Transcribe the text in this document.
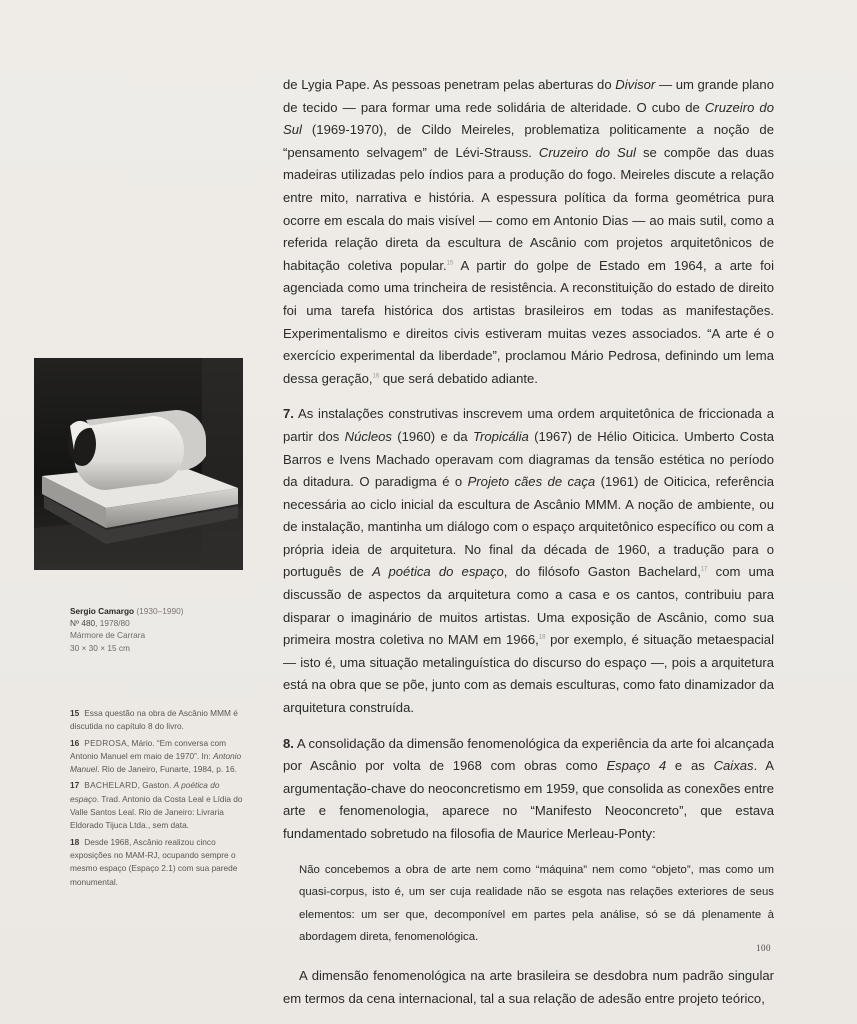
de Lygia Pape. As pessoas penetram pelas aberturas do Divisor — um grande plano de tecido — para formar uma rede solidária de alteridade. O cubo de Cruzeiro do Sul (1969-1970), de Cildo Meireles, problematiza politicamente a noção de “pensamento selvagem” de Lévi-Strauss. Cruzeiro do Sul se compõe das duas madeiras utilizadas pelo índios para a produção do fogo. Meireles discute a relação entre mito, narrativa e história. A espessura política da forma geométrica pura ocorre em escala do mais visível — como em Antonio Dias — ao mais sutil, como a referida relação direta da escultura de Ascânio com projetos arquitetônicos de habitação coletiva popular.$^{15}$ A partir do golpe de Estado em 1964, a arte foi agenciada como uma trincheira de resistência. A reconstituição do estado de direito foi uma tarefa histórica dos artistas brasileiros em todas as manifestações. Experimentalismo e direitos civis estiveram muitas vezes associados. “A arte é o exercício experimental da liberdade”, proclamou Mário Pedrosa, definindo um lema dessa geração,$^{16}$ que será debatido adiante.

7. As instalações construtivas inscrevem uma ordem arquitetônica de friccionada a partir dos Núcleos (1960) e da Tropicália (1967) de Hélio Oiticica. Umberto Costa Barros e Ivens Machado operavam com diagramas da tensão estética no período da ditadura. O paradigma é o Projeto cães de caça (1961) de Oiticica, referência necessária ao ciclo inicial da escultura de Ascânio MMM. A noção de ambiente, ou de instalação, mantinha um diálogo com o espaço arquitetônico específico ou com a própria ideia de arquitetura. No final da década de 1960, a tradução para o português de A poética do espaço, do filósofo Gaston Bachelard,$^{17}$ com uma discussão de aspectos da arquitetura como a casa e os cantos, contribuiu para disparar o imaginário de muitos artistas. Uma exposição de Ascânio, como sua primeira mostra coletiva no MAM em 1966,18 por exemplo, é situação metaespacial — isto é, uma situação metalinguística do discurso do espaço —, pois a arquitetura está na obra que se põe, junto com as demais esculturas, como fato dinamizador da arquitetura construída.

8. A consolidação da dimensão fenomenológica da experiência da arte foi alcançada por Ascânio por volta de 1968 com obras como Espaço 4 e as Caixas. A argumentação-chave do neoconcretismo em 1959, que consolida as conexões entre arte e fenomenologia, aparece no “Manifesto Neoconcreto”, que estava fundamentado sobretudo na filosofia de Maurice Merleau-Ponty:

Não concebemos a obra de arte nem como “máquina” nem como “objeto”, mas como um quasi-corpus, isto é, um ser cuja realidade não se esgota nas relações exteriores de seus elementos: um ser que, decomponível em partes pela análise, só se dá plenamente à abordagem direta, fenomenológica.

A dimensão fenomenológica na arte brasileira se desdobra num padrão singular em termos da cena internacional, tal a sua relação de adesão entre projeto teórico,

Sergio Camargo (1930–1990)
Nº 480, 1978/80
Mármore de Carrara
30 × 30 × 15 cm

15 Essa questão na obra de Ascânio MMM é discutida no capítulo 8 do livro.

16 PEDROSA, Mário. “Em conversa com Antonio Manuel em maio de 1970”. In: Antonio Manuel. Rio de Janeiro, Funarte, 1984, p. 16.

17 BACHELARD, Gaston. A poética do espaço. Trad. Antonio da Costa Leal e Lídia do Valle Santos Leal. Rio de Janeiro: Livraria Eldorado Tijuca Ltda., sem data.

18 Desde 1968, Ascânio realizou cinco exposições no MAM-RJ, ocupando sempre o mesmo espaço (Espaço 2.1) com sua parede monumental.

100
